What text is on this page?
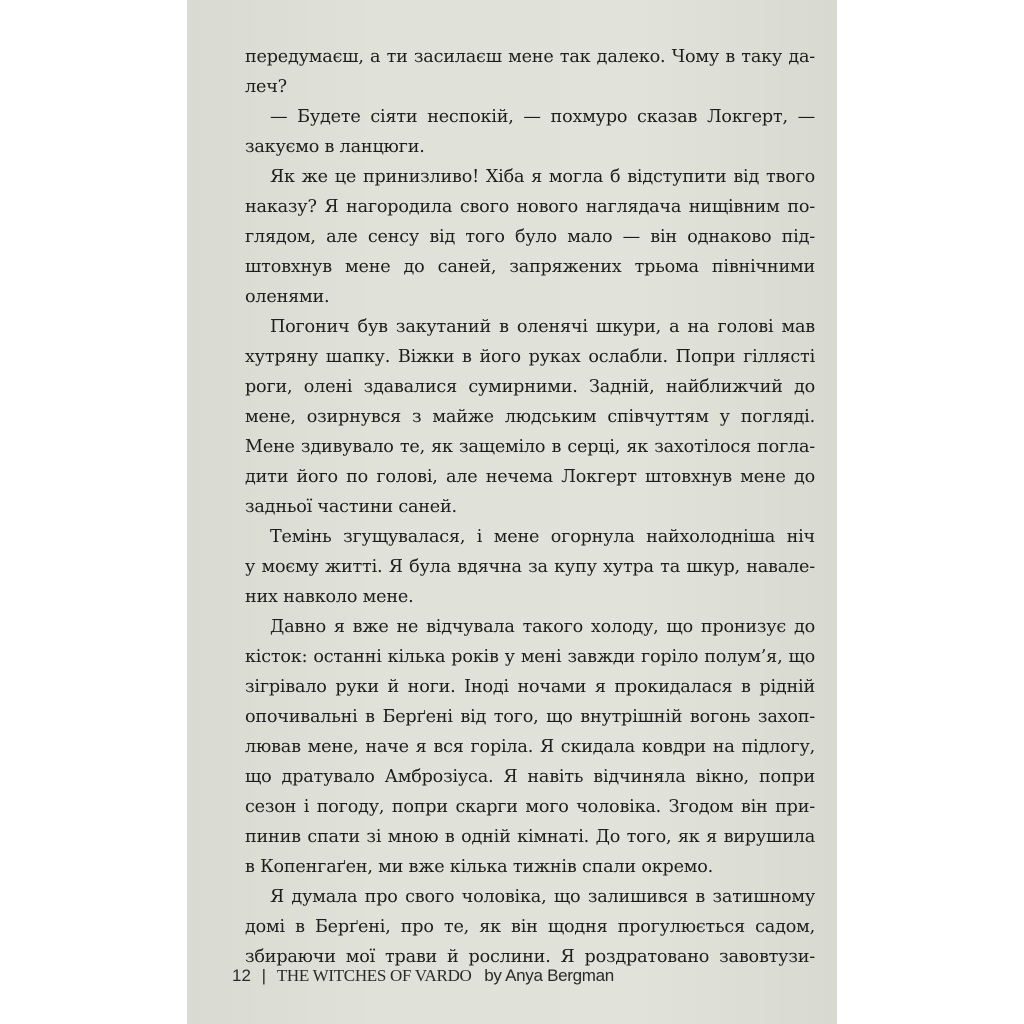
передумаєш, а ти засилаєш мене так далеко. Чому в таку да-
леч?
— Будете сіяти неспокій, — похмуро сказав Локгерт, —
закуємо в ланцюги.
Як же це принизливо! Хіба я могла б відступити від твого
наказу? Я нагородила свого нового наглядача нищівним по-
глядом, але сенсу від того було мало — він однаково під-
штовхнув мене до саней, запряжених трьома північними
оленями.
Погонич був закутаний в оленячі шкури, а на голові мав
хутряну шапку. Віжки в його руках ослабли. Попри гіллясті
роги, олені здавалися сумирними. Задній, найближчий до
мене, озирнувся з майже людським співчуттям у погляді.
Мене здивувало те, як защеміло в серці, як захотілося погла-
дити його по голові, але нечема Локгерт штовхнув мене до
задньої частини саней.
Темінь згущувалася, і мене огорнула найхолодніша ніч
у моєму житті. Я була вдячна за купу хутра та шкур, навале-
них навколо мене.
Давно я вже не відчувала такого холоду, що пронизує до
кісток: останні кілька років у мені завжди горіло полум’я, що
зігрівало руки й ноги. Іноді ночами я прокидалася в рідній
опочивальні в Берґені від того, що внутрішній вогонь захоп-
лював мене, наче я вся горіла. Я скидала ковдри на підлогу,
що дратувало Амброзіуса. Я навіть відчиняла вікно, попри
сезон і погоду, попри скарги мого чоловіка. Згодом він при-
пинив спати зі мною в одній кімнаті. До того, як я вирушила
в Копенгаґен, ми вже кілька тижнів спали окремо.
Я думала про свого чоловіка, що залишився в затишному
домі в Берґені, про те, як він щодня прогулюється садом,
збираючи мої трави й рослини. Я роздратовано завовтузи-
12 | THE WITCHES OF VARDO by Anya Bergman
